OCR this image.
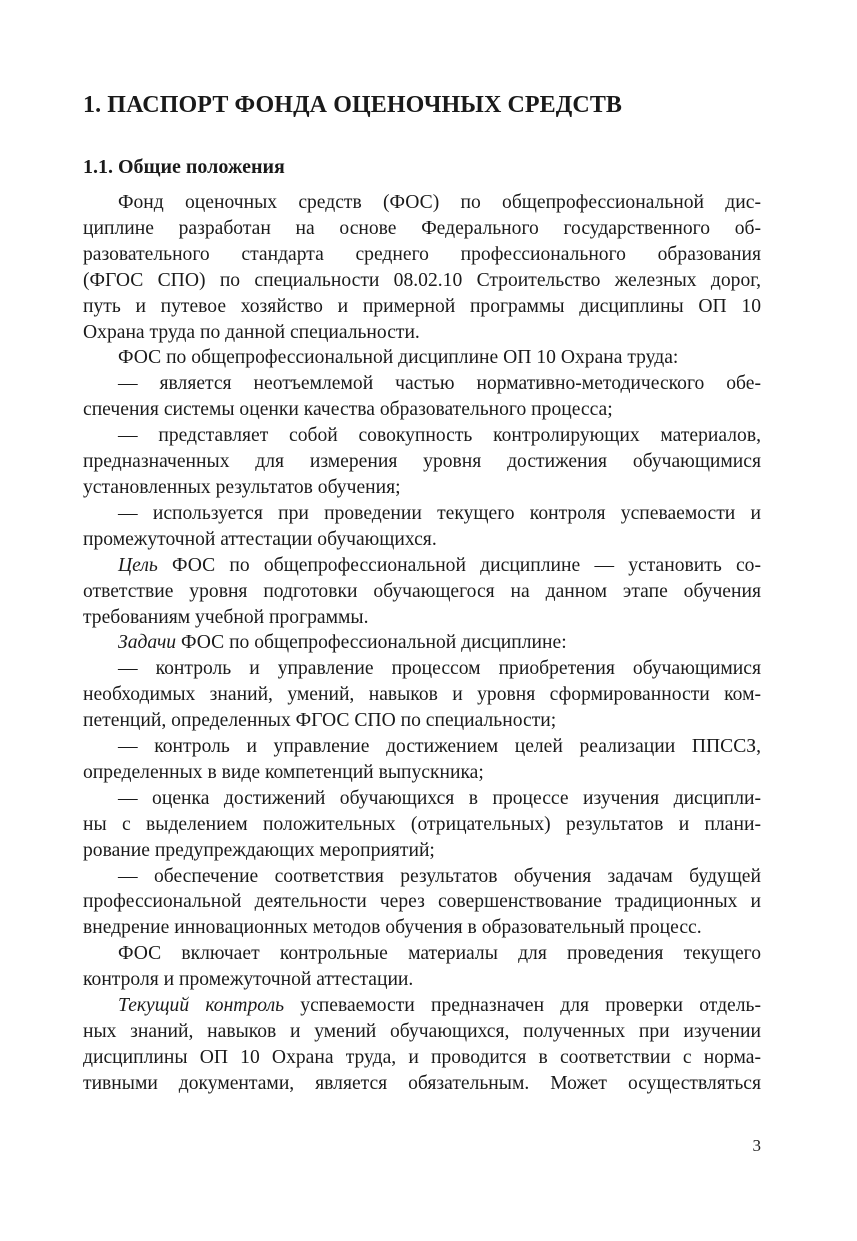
1. ПАСПОРТ ФОНДА ОЦЕНОЧНЫХ СРЕДСТВ
1.1. Общие положения
Фонд оценочных средств (ФОС) по общепрофессиональной дис-
циплине разработан на основе Федерального государственного об-
разовательного стандарта среднего профессионального образования
(ФГОС СПО) по специальности 08.02.10 Строительство железных дорог,
путь и путевое хозяйство и примерной программы дисциплины ОП 10
Охрана труда по данной специальности.
ФОС по общепрофессиональной дисциплине ОП 10 Охрана труда:
— является неотъемлемой частью нормативно-методического обе-
спечения системы оценки качества образовательного процесса;
— представляет собой совокупность контролирующих материалов,
предназначенных для измерения уровня достижения обучающимися
установленных результатов обучения;
— используется при проведении текущего контроля успеваемости и
промежуточной аттестации обучающихся.
Цель ФОС по общепрофессиональной дисциплине — установить со-
ответствие уровня подготовки обучающегося на данном этапе обучения
требованиям учебной программы.
Задачи ФОС по общепрофессиональной дисциплине:
— контроль и управление процессом приобретения обучающимися
необходимых знаний, умений, навыков и уровня сформированности ком-
петенций, определенных ФГОС СПО по специальности;
— контроль и управление достижением целей реализации ППССЗ,
определенных в виде компетенций выпускника;
— оценка достижений обучающихся в процессе изучения дисципли-
ны с выделением положительных (отрицательных) результатов и плани-
рование предупреждающих мероприятий;
— обеспечение соответствия результатов обучения задачам будущей
профессиональной деятельности через совершенствование традиционных и
внедрение инновационных методов обучения в образовательный процесс.
ФОС включает контрольные материалы для проведения текущего
контроля и промежуточной аттестации.
Текущий контроль успеваемости предназначен для проверки отдель-
ных знаний, навыков и умений обучающихся, полученных при изучении
дисциплины ОП 10 Охрана труда, и проводится в соответствии с норма-
тивными документами, является обязательным. Может осуществляться
3
